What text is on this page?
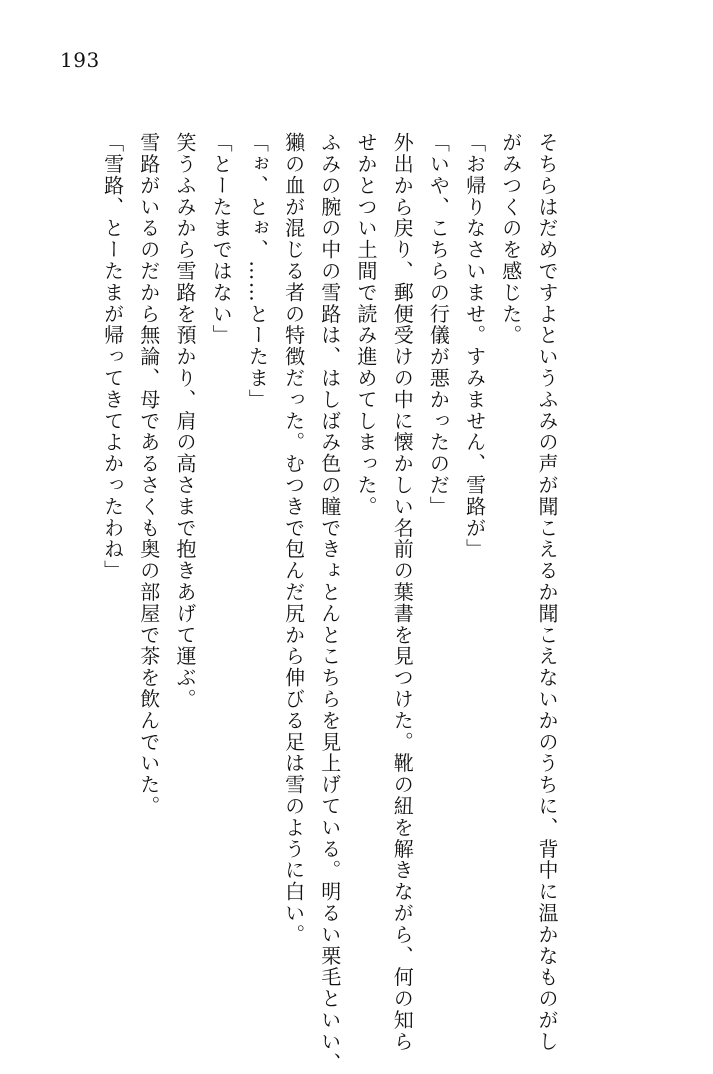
193
そちらはだめですよというふみの声が聞こえるか聞こえないかのうちに、背中に温かなものがし
がみつくのを感じた。
「お帰りなさいませ。すみません、雪路が」
「いや、こちらの行儀が悪かったのだ」
外出から戻り、郵便受けの中に懐かしい名前の葉書を見つけた。靴の紐を解きながら、何の知ら
せかとつい土間で読み進めてしまった。
ふみの腕の中の雪路は、はしばみ色の瞳できょとんとこちらを見上げている。明るい栗毛といい、
獺の血が混じる者の特徴だった。むつきで包んだ尻から伸びる足は雪のように白い。
「ぉ、とぉ、……とーたま」
「とーたまではない」
笑うふみから雪路を預かり、肩の高さまで抱きあげて運ぶ。
雪路がいるのだから無論、母であるさくも奥の部屋で茶を飲んでいた。
「雪路、とーたまが帰ってきてよかったわね」
